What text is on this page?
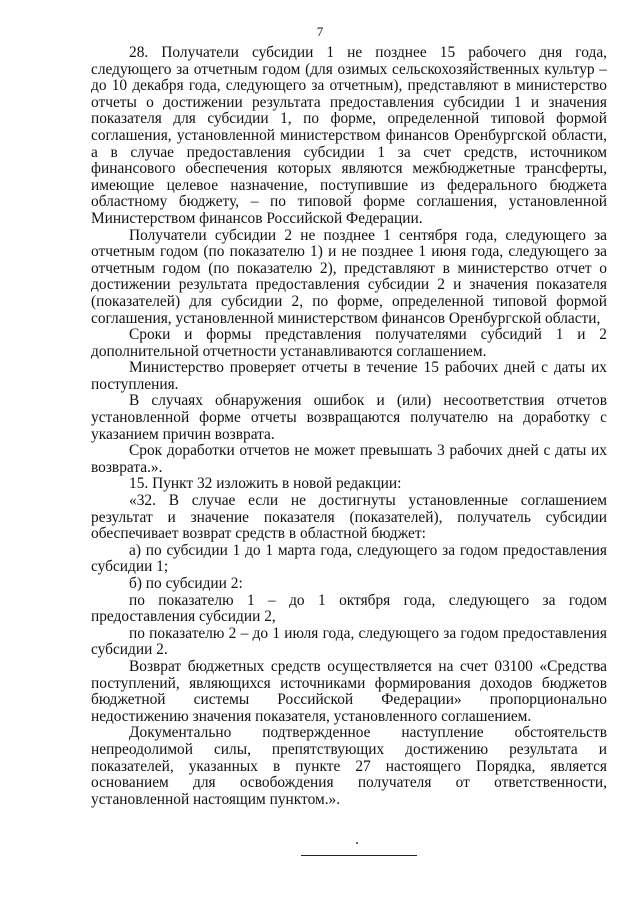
7

28. Получатели субсидии 1 не позднее 15 рабочего дня года, следующего за отчетным годом (для озимых сельскохозяйственных культур – до 10 декабря года, следующего за отчетным), представляют в министерство отчеты о достижении результата предоставления субсидии 1 и значения показателя для субсидии 1, по форме, определенной типовой формой соглашения, установленной министерством финансов Оренбургской области, а в случае предоставления субсидии 1 за счет средств, источником финансового обеспечения которых являются межбюджетные трансферты, имеющие целевое назначение, поступившие из федерального бюджета областному бюджету, – по типовой форме соглашения, установленной Министерством финансов Российской Федерации.

Получатели субсидии 2 не позднее 1 сентября года, следующего за отчетным годом (по показателю 1) и не позднее 1 июня года, следующего за отчетным годом (по показателю 2), представляют в министерство отчет о достижении результата предоставления субсидии 2 и значения показателя (показателей) для субсидии 2, по форме, определенной типовой формой соглашения, установленной министерством финансов Оренбургской области,

Сроки и формы представления получателями субсидий 1 и 2 дополнительной отчетности устанавливаются соглашением.

Министерство проверяет отчеты в течение 15 рабочих дней с даты их поступления.

В случаях обнаружения ошибок и (или) несоответствия отчетов установленной форме отчеты возвращаются получателю на доработку с указанием причин возврата.

Срок доработки отчетов не может превышать 3 рабочих дней с даты их возврата.».

15. Пункт 32 изложить в новой редакции:

«32. В случае если не достигнуты установленные соглашением результат и значение показателя (показателей), получатель субсидии обеспечивает возврат средств в областной бюджет:

а) по субсидии 1 до 1 марта года, следующего за годом предоставления субсидии 1;

б) по субсидии 2:

по показателю 1 – до 1 октября года, следующего за годом предоставления субсидии 2,

по показателю 2 – до 1 июля года, следующего за годом предоставления субсидии 2.

Возврат бюджетных средств осуществляется на счет 03100 «Средства поступлений, являющихся источниками формирования доходов бюджетов бюджетной системы Российской Федерации» пропорционально недостижению значения показателя, установленного соглашением.

Документально подтвержденное наступление обстоятельств непреодолимой силы, препятствующих достижению результата и показателей, указанных в пункте 27 настоящего Порядка, является основанием для освобождения получателя от ответственности, установленной настоящим пунктом.».
